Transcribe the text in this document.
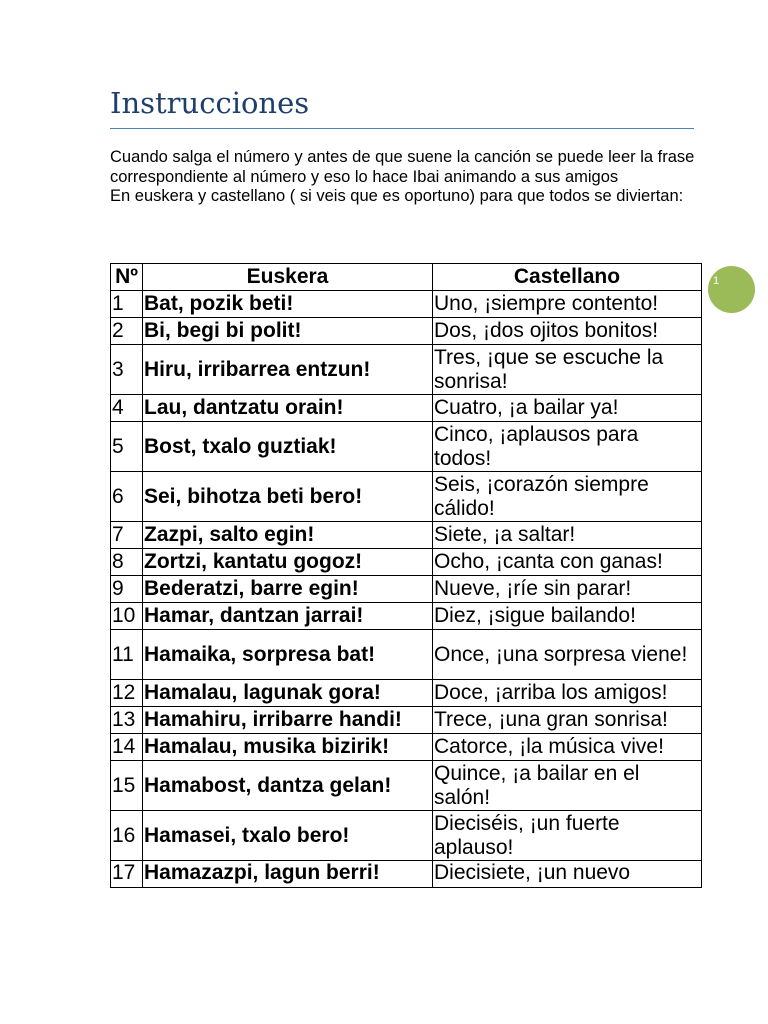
Instrucciones

Cuando salga el número y antes de que suene la canción se puede leer la frase correspondiente al número y eso lo hace Ibai animando a sus amigos

En euskera y castellano ( si veis que es oportuno) para que todos se diviertan:

1
Nº	Euskera	Castellano
1	Bat, pozik beti!	Uno, ¡siempre contento!
2	Bi, begi bi polit!	Dos, ¡dos ojitos bonitos!
3	Hiru, irribarrea entzun!	Tres, ¡que se escuche la sonrisa!
4	Lau, dantzatu orain!	Cuatro, ¡a bailar ya!
5	Bost, txalo guztiak!	Cinco, ¡aplausos para todos!
6	Sei, bihotza beti bero!	Seis, ¡corazón siempre cálido!
7	Zazpi, salto egin!	Siete, ¡a saltar!
8	Zortzi, kantatu gogoz!	Ocho, ¡canta con ganas!
9	Bederatzi, barre egin!	Nueve, ¡ríe sin parar!
10	Hamar, dantzan jarrai!	Diez, ¡sigue bailando!
11	Hamaika, sorpresa bat!	Once, ¡una sorpresa viene!
12	Hamalau, lagunak gora!	Doce, ¡arriba los amigos!
13	Hamahiru, irribarre handi!	Trece, ¡una gran sonrisa!
14	Hamalau, musika bizirik!	Catorce, ¡la música vive!
15	Hamabost, dantza gelan!	Quince, ¡a bailar en el salón!
16	Hamasei, txalo bero!	Dieciséis, ¡un fuerte aplauso!
17	Hamazazpi, lagun berri!	Diecisiete, ¡un nuevo
